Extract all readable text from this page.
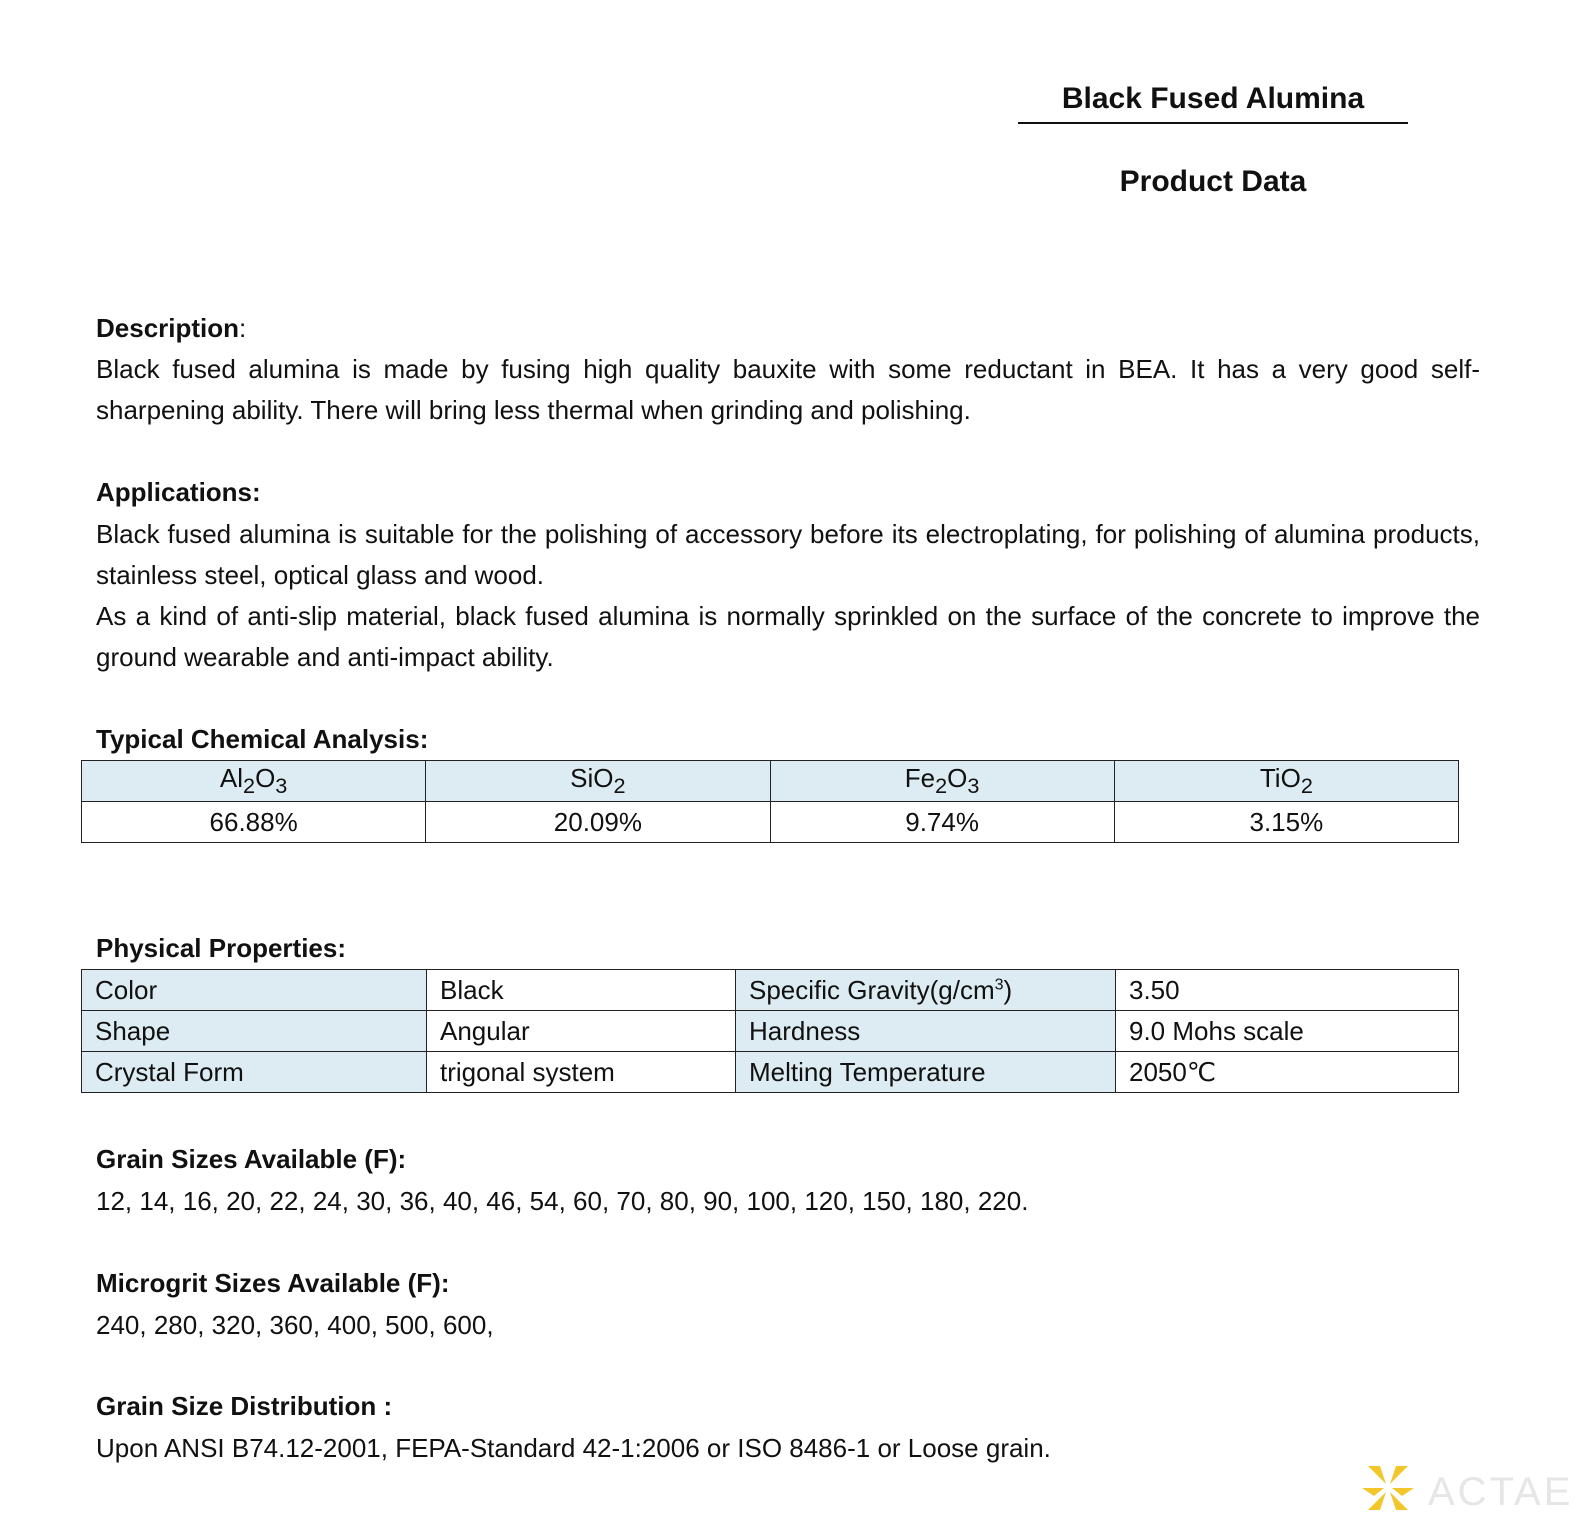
Black Fused Alumina
Product Data
Description:
Black fused alumina is made by fusing high quality bauxite with some reductant in BEA. It has a very good self-sharpening ability. There will bring less thermal when grinding and polishing.
Applications:
Black fused alumina is suitable for the polishing of accessory before its electroplating, for polishing of alumina products, stainless steel, optical glass and wood.
As a kind of anti-slip material, black fused alumina is normally sprinkled on the surface of the concrete to improve the ground wearable and anti-impact ability.
Typical Chemical Analysis:
$Al_2O_3$	SiO$_2$	$Fe_2O_3$	TiO$_2$
66.88%	20.09%	9.74%	3.15%
Physical Properties:
Color	Black	Specific $Gravity(g/cm^3)$	3.50
Shape	Angular	Hardness	9.0 Mohs scale
Crystal Form	trigonal system	Melting Temperature	2050℃
Grain Sizes Available (F):
12, 14, 16, 20, 22, 24, 30, 36, 40, 46, 54, 60, 70, 80, 90, 100, 120, 150, 180, 220.
Microgrit Sizes Available (F):
240, 280, 320, 360, 400, 500, 600,
Grain Size Distribution :
Upon ANSI B74.12-2001, FEPA-Standard 42-1:2006 or ISO 8486-1 or Loose grain.
ACTAE
